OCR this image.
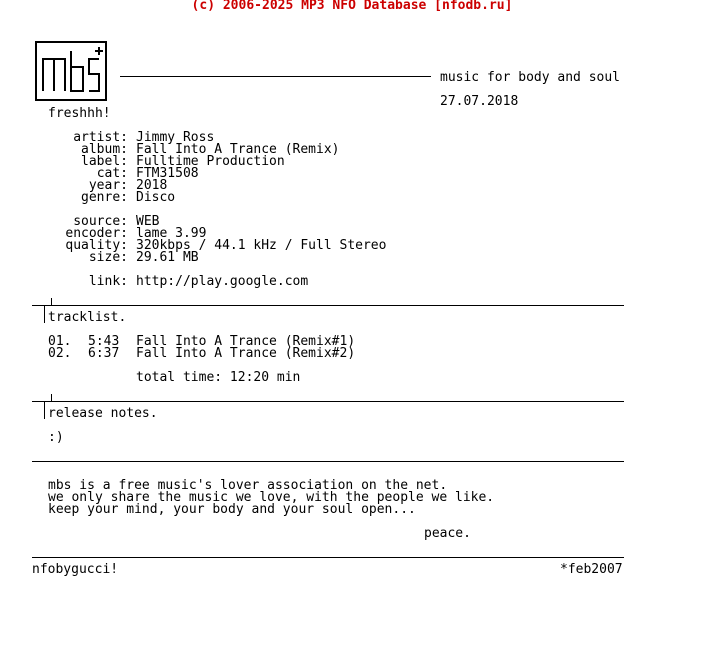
(c) 2006-2025 MP3 NFO Database [nfodb.ru]
music for body and soul
27.07.2018
freshhh!
artist: Jimmy Ross
album: Fall Into A Trance (Remix)
label: Fulltime Production
cat: FTM31508
year: 2018
genre: Disco
source: WEB
encoder: lame 3.99
quality: 320kbps / 44.1 kHz / Full Stereo
size: 29.61 MB
link: http://play.google.com
tracklist.
01. 5:43 Fall Into A Trance (Remix#1)
02. 6:37 Fall Into A Trance (Remix#2)
total time: 12:20 min
release notes.
:)
mbs is a free music's lover association on the net.
we only share the music we love, with the people we like.
keep your mind, your body and your soul open...
peace.
nfobygucci!	*feb2007
